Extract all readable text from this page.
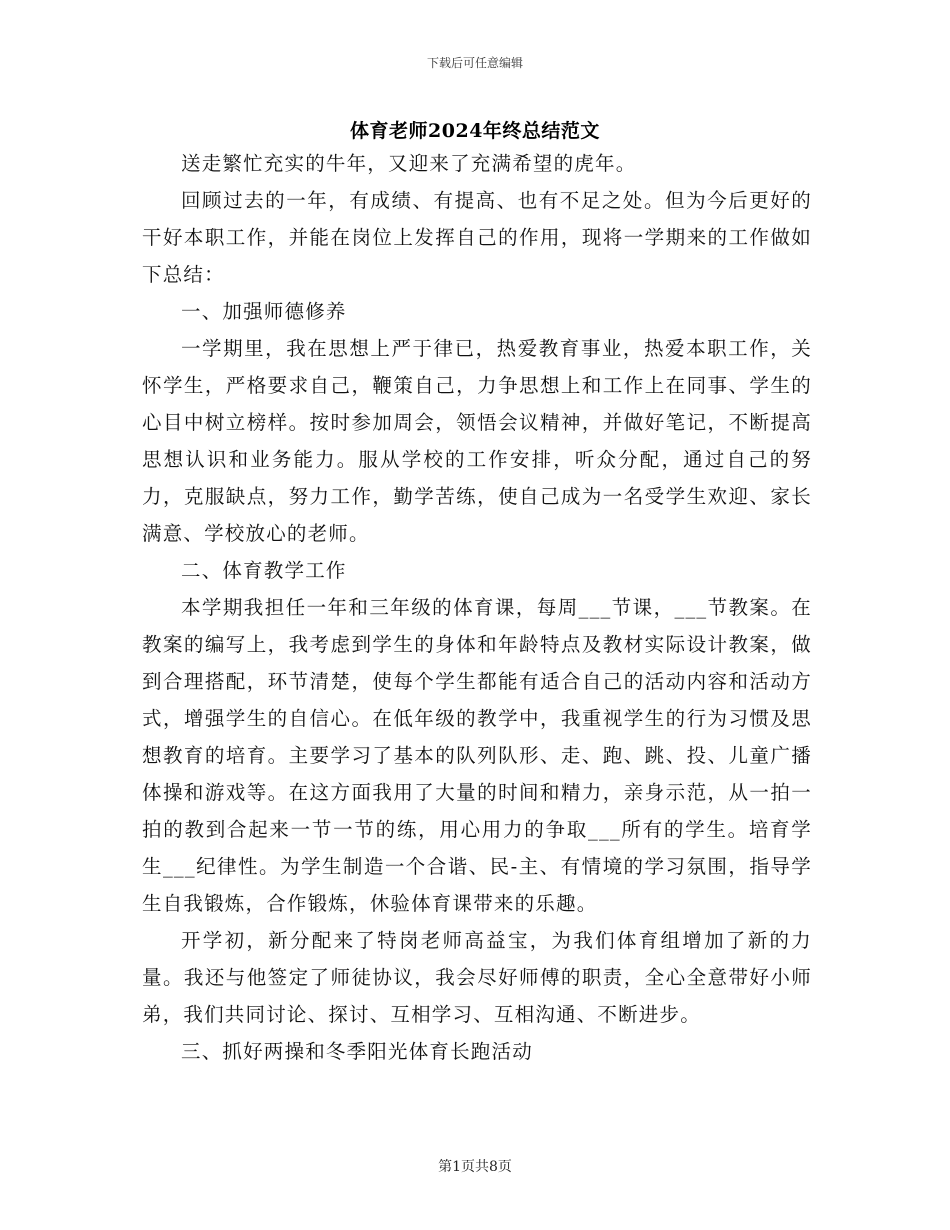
下载后可任意编辑
体育老师2024年终总结范文

送走繁忙充实的牛年，又迎来了充满希望的虎年。

回顾过去的一年，有成绩、有提高、也有不足之处。但为今后更好的干好本职工作，并能在岗位上发挥自己的作用，现将一学期来的工作做如下总结：

一、加强师德修养

一学期里，我在思想上严于律已，热爱教育事业，热爱本职工作，关怀学生，严格要求自己，鞭策自己，力争思想上和工作上在同事、学生的心目中树立榜样。按时参加周会，领悟会议精神，并做好笔记，不断提高思想认识和业务能力。服从学校的工作安排，听众分配，通过自己的努力，克服缺点，努力工作，勤学苦练，使自己成为一名受学生欢迎、家长满意、学校放心的老师。

二、体育教学工作

本学期我担任一年和三年级的体育课，每周___节课，___节教案。在教案的编写上，我考虑到学生的身体和年龄特点及教材实际设计教案，做到合理搭配，环节清楚，使每个学生都能有适合自己的活动内容和活动方式，增强学生的自信心。在低年级的教学中，我重视学生的行为习惯及思想教育的培育。主要学习了基本的队列队形、走、跑、跳、投、儿童广播体操和游戏等。在这方面我用了大量的时间和精力，亲身示范，从一拍一拍的教到合起来一节一节的练，用心用力的争取___所有的学生。培育学生___纪律性。为学生制造一个合谐、民-主、有情境的学习氛围，指导学生自我锻炼，合作锻炼，休验体育课带来的乐趣。

开学初，新分配来了特岗老师高益宝，为我们体育组增加了新的力量。我还与他签定了师徒协议，我会尽好师傅的职责，全心全意带好小师弟，我们共同讨论、探讨、互相学习、互相沟通、不断进步。

三、抓好两操和冬季阳光体育长跑活动

第1页共8页
